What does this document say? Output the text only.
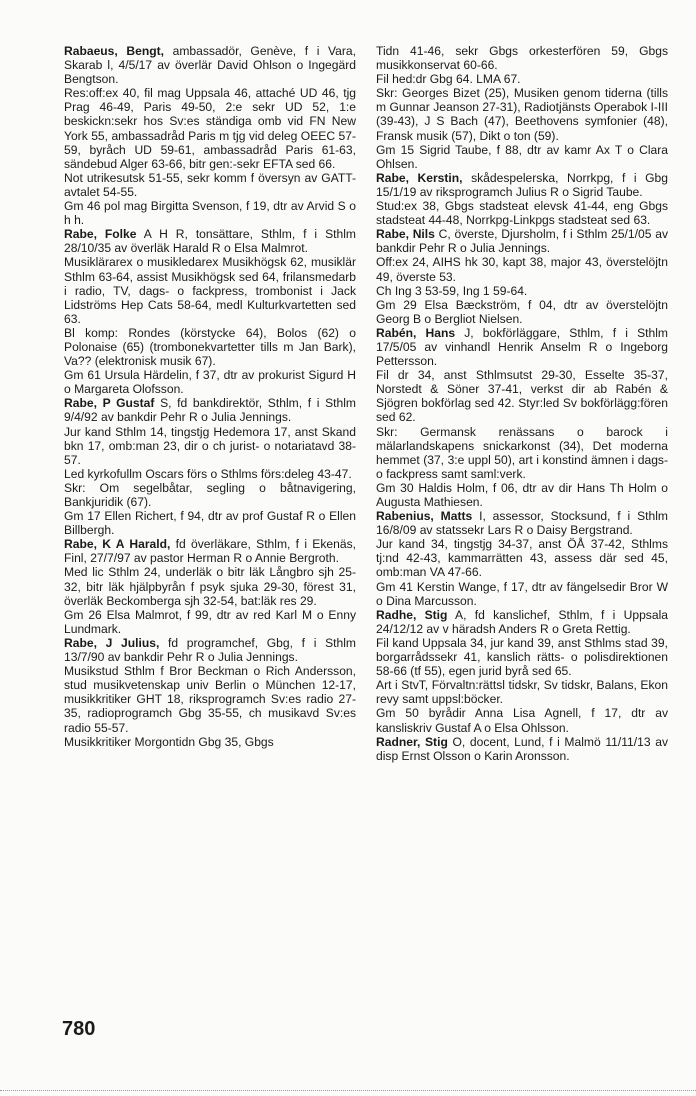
Rabaeus, Bengt, ambassadör, Genève, f i Vara, Skarab l, 4/5/17 av överlär David Ohlson o Ingegärd Bengtson.

Res:off:ex 40, fil mag Uppsala 46, attaché UD 46, tjg Prag 46-49, Paris 49-50, 2:e sekr UD 52, 1:e beskickn:sekr hos Sv:es ständiga omb vid FN New York 55, ambassadråd Paris m tjg vid deleg OEEC 57-59, byråch UD 59-61, ambassadråd Paris 61-63, sändebud Alger 63-66, bitr gen:-sekr EFTA sed 66.

Not utrikesutsk 51-55, sekr komm f översyn av GATT-avtalet 54-55.

Gm 46 pol mag Birgitta Svenson, f 19, dtr av Arvid S o h h.

Rabe, Folke A H R, tonsättare, Sthlm, f i Sthlm 28/10/35 av överläk Harald R o Elsa Malmrot.

Musiklärarex o musikledarex Musikhögsk 62, musiklär Sthlm 63-64, assist Musikhögsk sed 64, frilansmedarb i radio, TV, dags- o fackpress, trombonist i Jack Lidströms Hep Cats 58-64, medl Kulturkvartetten sed 63.

Bl komp: Rondes (körstycke 64), Bolos (62) o Polonaise (65) (trombonekvartetter tills m Jan Bark), Va?? (elektronisk musik 67).

Gm 61 Ursula Härdelin, f 37, dtr av prokurist Sigurd H o Margareta Olofsson.

Rabe, P Gustaf S, fd bankdirektör, Sthlm, f i Sthlm 9/4/92 av bankdir Pehr R o Julia Jennings.

Jur kand Sthlm 14, tingstjg Hedemora 17, anst Skand bkn 17, omb:man 23, dir o ch jurist- o notariatavd 38-57.

Led kyrkofullm Oscars förs o Sthlms förs:deleg 43-47.

Skr: Om segelbåtar, segling o båtnavigering, Bankjuridik (67).

Gm 17 Ellen Richert, f 94, dtr av prof Gustaf R o Ellen Billbergh.

Rabe, K A Harald, fd överläkare, Sthlm, f i Ekenäs, Finl, 27/7/97 av pastor Herman R o Annie Bergroth.

Med lic Sthlm 24, underläk o bitr läk Långbro sjh 25-32, bitr läk hjälpbyrån f psyk sjuka 29-30, förest 31, överläk Beckomberga sjh 32-54, bat:läk res 29.

Gm 26 Elsa Malmrot, f 99, dtr av red Karl M o Enny Lundmark.

Rabe, J Julius, fd programchef, Gbg, f i Sthlm 13/7/90 av bankdir Pehr R o Julia Jennings.

Musikstud Sthlm f Bror Beckman o Rich Andersson, stud musikvetenskap univ Berlin o München 12-17, musikkritiker GHT 18, riksprogramch Sv:es radio 27-35, radioprogramch Gbg 35-55, ch musikavd Sv:es radio 55-57.

Musikkritiker Morgontidn Gbg 35, Gbgs

Tidn 41-46, sekr Gbgs orkesterfören 59, Gbgs musikkonservat 60-66.

Fil hed:dr Gbg 64. LMA 67.

Skr: Georges Bizet (25), Musiken genom tiderna (tills m Gunnar Jeanson 27-31), Radiotjänsts Operabok I-III (39-43), J S Bach (47), Beethovens symfonier (48), Fransk musik (57), Dikt o ton (59).

Gm 15 Sigrid Taube, f 88, dtr av kamr Ax T o Clara Ohlsen.

Rabe, Kerstin, skådespelerska, Norrkpg, f i Gbg 15/1/19 av riksprogramch Julius R o Sigrid Taube.

Stud:ex 38, Gbgs stadsteat elevsk 41-44, eng Gbgs stadsteat 44-48, Norrkpg-Linkpgs stadsteat sed 63.

Rabe, Nils C, överste, Djursholm, f i Sthlm 25/1/05 av bankdir Pehr R o Julia Jennings.

Off:ex 24, AIHS hk 30, kapt 38, major 43, överstelöjtn 49, överste 53.

Ch Ing 3 53-59, Ing 1 59-64.

Gm 29 Elsa Bæckström, f 04, dtr av överstelöjtn Georg B o Bergliot Nielsen.

Rabén, Hans J, bokförläggare, Sthlm, f i Sthlm 17/5/05 av vinhandl Henrik Anselm R o Ingeborg Pettersson.

Fil dr 34, anst Sthlmsutst 29-30, Esselte 35-37, Norstedt & Söner 37-41, verkst dir ab Rabén & Sjögren bokförlag sed 42. Styr:led Sv bokförlägg:fören sed 62.

Skr: Germansk renässans o barock i mälarlandskapens snickarkonst (34), Det moderna hemmet (37, 3:e uppl 50), art i konstind ämnen i dags- o fackpress samt saml:verk.

Gm 30 Haldis Holm, f 06, dtr av dir Hans Th Holm o Augusta Mathiesen.

Rabenius, Matts I, assessor, Stocksund, f i Sthlm 16/8/09 av statssekr Lars R o Daisy Bergstrand.

Jur kand 34, tingstjg 34-37, anst ÖÅ 37-42, Sthlms tj:nd 42-43, kammarrätten 43, assess där sed 45, omb:man VA 47-66.

Gm 41 Kerstin Wange, f 17, dtr av fängelsedir Bror W o Dina Marcusson.

Radhe, Stig A, fd kanslichef, Sthlm, f i Uppsala 24/12/12 av v häradsh Anders R o Greta Rettig.

Fil kand Uppsala 34, jur kand 39, anst Sthlms stad 39, borgarrådssekr 41, kanslich rätts- o polisdirektionen 58-66 (tf 55), egen jurid byrå sed 65.

Art i StvT, Förvaltn:rättsl tidskr, Sv tidskr, Balans, Ekon revy samt uppsl:böcker.

Gm 50 byrådir Anna Lisa Agnell, f 17, dtr av kansliskriv Gustaf A o Elsa Ohlsson.

Radner, Stig O, docent, Lund, f i Malmö 11/11/13 av disp Ernst Olsson o Karin Aronsson.

780
